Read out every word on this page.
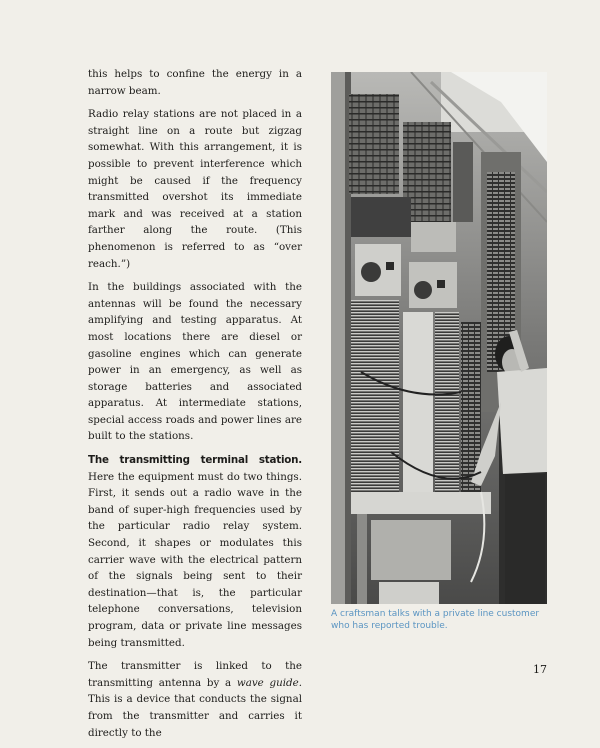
this helps to confine the energy in a narrow beam.

Radio relay stations are not placed in a straight line on a route but zigzag somewhat. With this arrangement, it is possible to prevent interference which might be caused if the frequency transmitted overshot its immediate mark and was received at a station farther along the route. (This phenomenon is referred to as “over reach.”)

In the buildings associated with the antennas will be found the necessary amplifying and testing apparatus. At most locations there are diesel or gasoline engines which can generate power in an emergency, as well as storage batteries and associated apparatus. At intermediate stations, special access roads and power lines are built to the stations.

The transmitting terminal station. Here the equipment must do two things. First, it sends out a radio wave in the band of super-high frequencies used by the particular radio relay system. Second, it shapes or modulates this carrier wave with the electrical pattern of the signals being sent to their destination—that is, the particular telephone conversations, television program, data or private line messages being transmitted.

The transmitter is linked to the transmitting antenna by a wave guide. This is a device that conducts the signal from the transmitter and carries it directly to the

A craftsman talks with a private line customer who has reported trouble.
17
